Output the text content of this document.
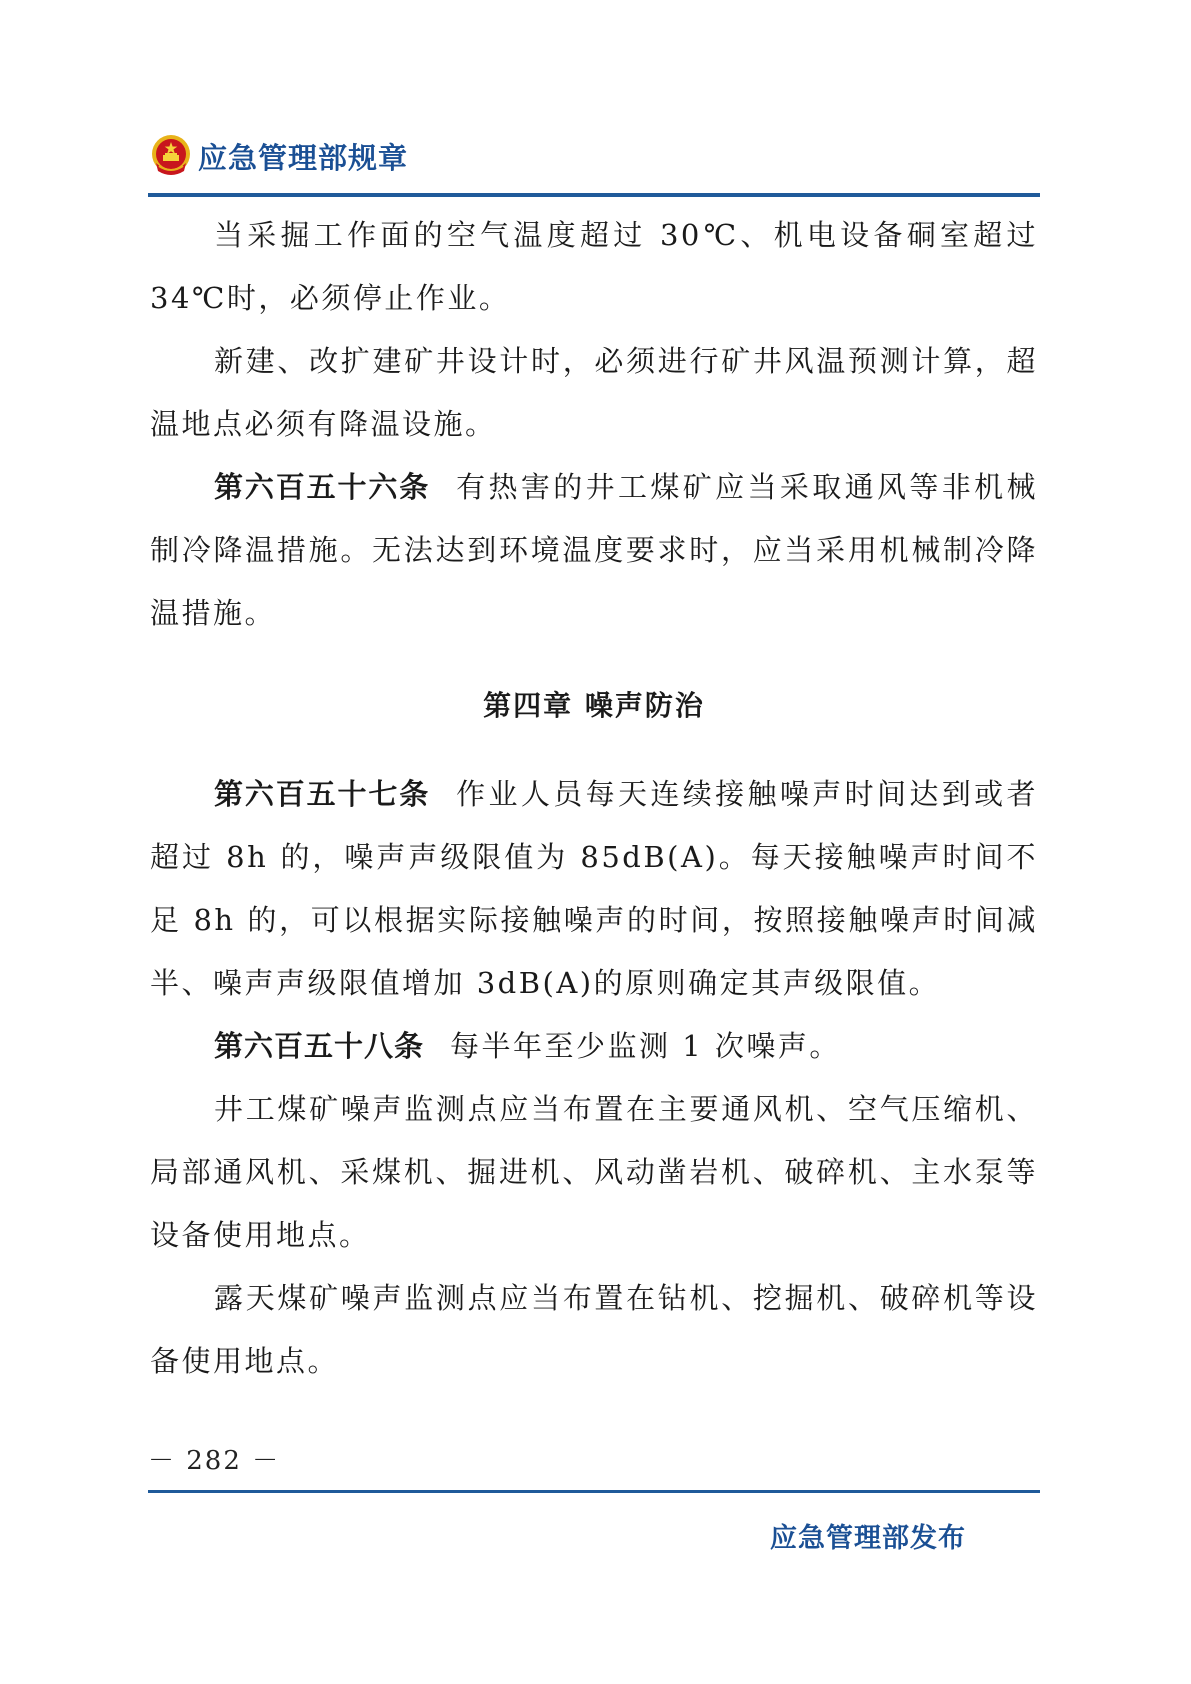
应急管理部规章

当采掘工作面的空气温度超过 30℃、机电设备硐室超过 34℃时，必须停止作业。

新建、改扩建矿井设计时，必须进行矿井风温预测计算，超温地点必须有降温设施。

第六百五十六条 有热害的井工煤矿应当采取通风等非机械制冷降温措施。无法达到环境温度要求时，应当采用机械制冷降温措施。

第四章 噪声防治

第六百五十七条 作业人员每天连续接触噪声时间达到或者超过 8h 的，噪声声级限值为 85dB(A)。每天接触噪声时间不足 8h 的，可以根据实际接触噪声的时间，按照接触噪声时间减半、噪声声级限值增加 3dB(A)的原则确定其声级限值。

第六百五十八条 每半年至少监测 1 次噪声。

井工煤矿噪声监测点应当布置在主要通风机、空气压缩机、局部通风机、采煤机、掘进机、风动凿岩机、破碎机、主水泵等设备使用地点。

露天煤矿噪声监测点应当布置在钻机、挖掘机、破碎机等设备使用地点。

－ 282 －
应急管理部发布
